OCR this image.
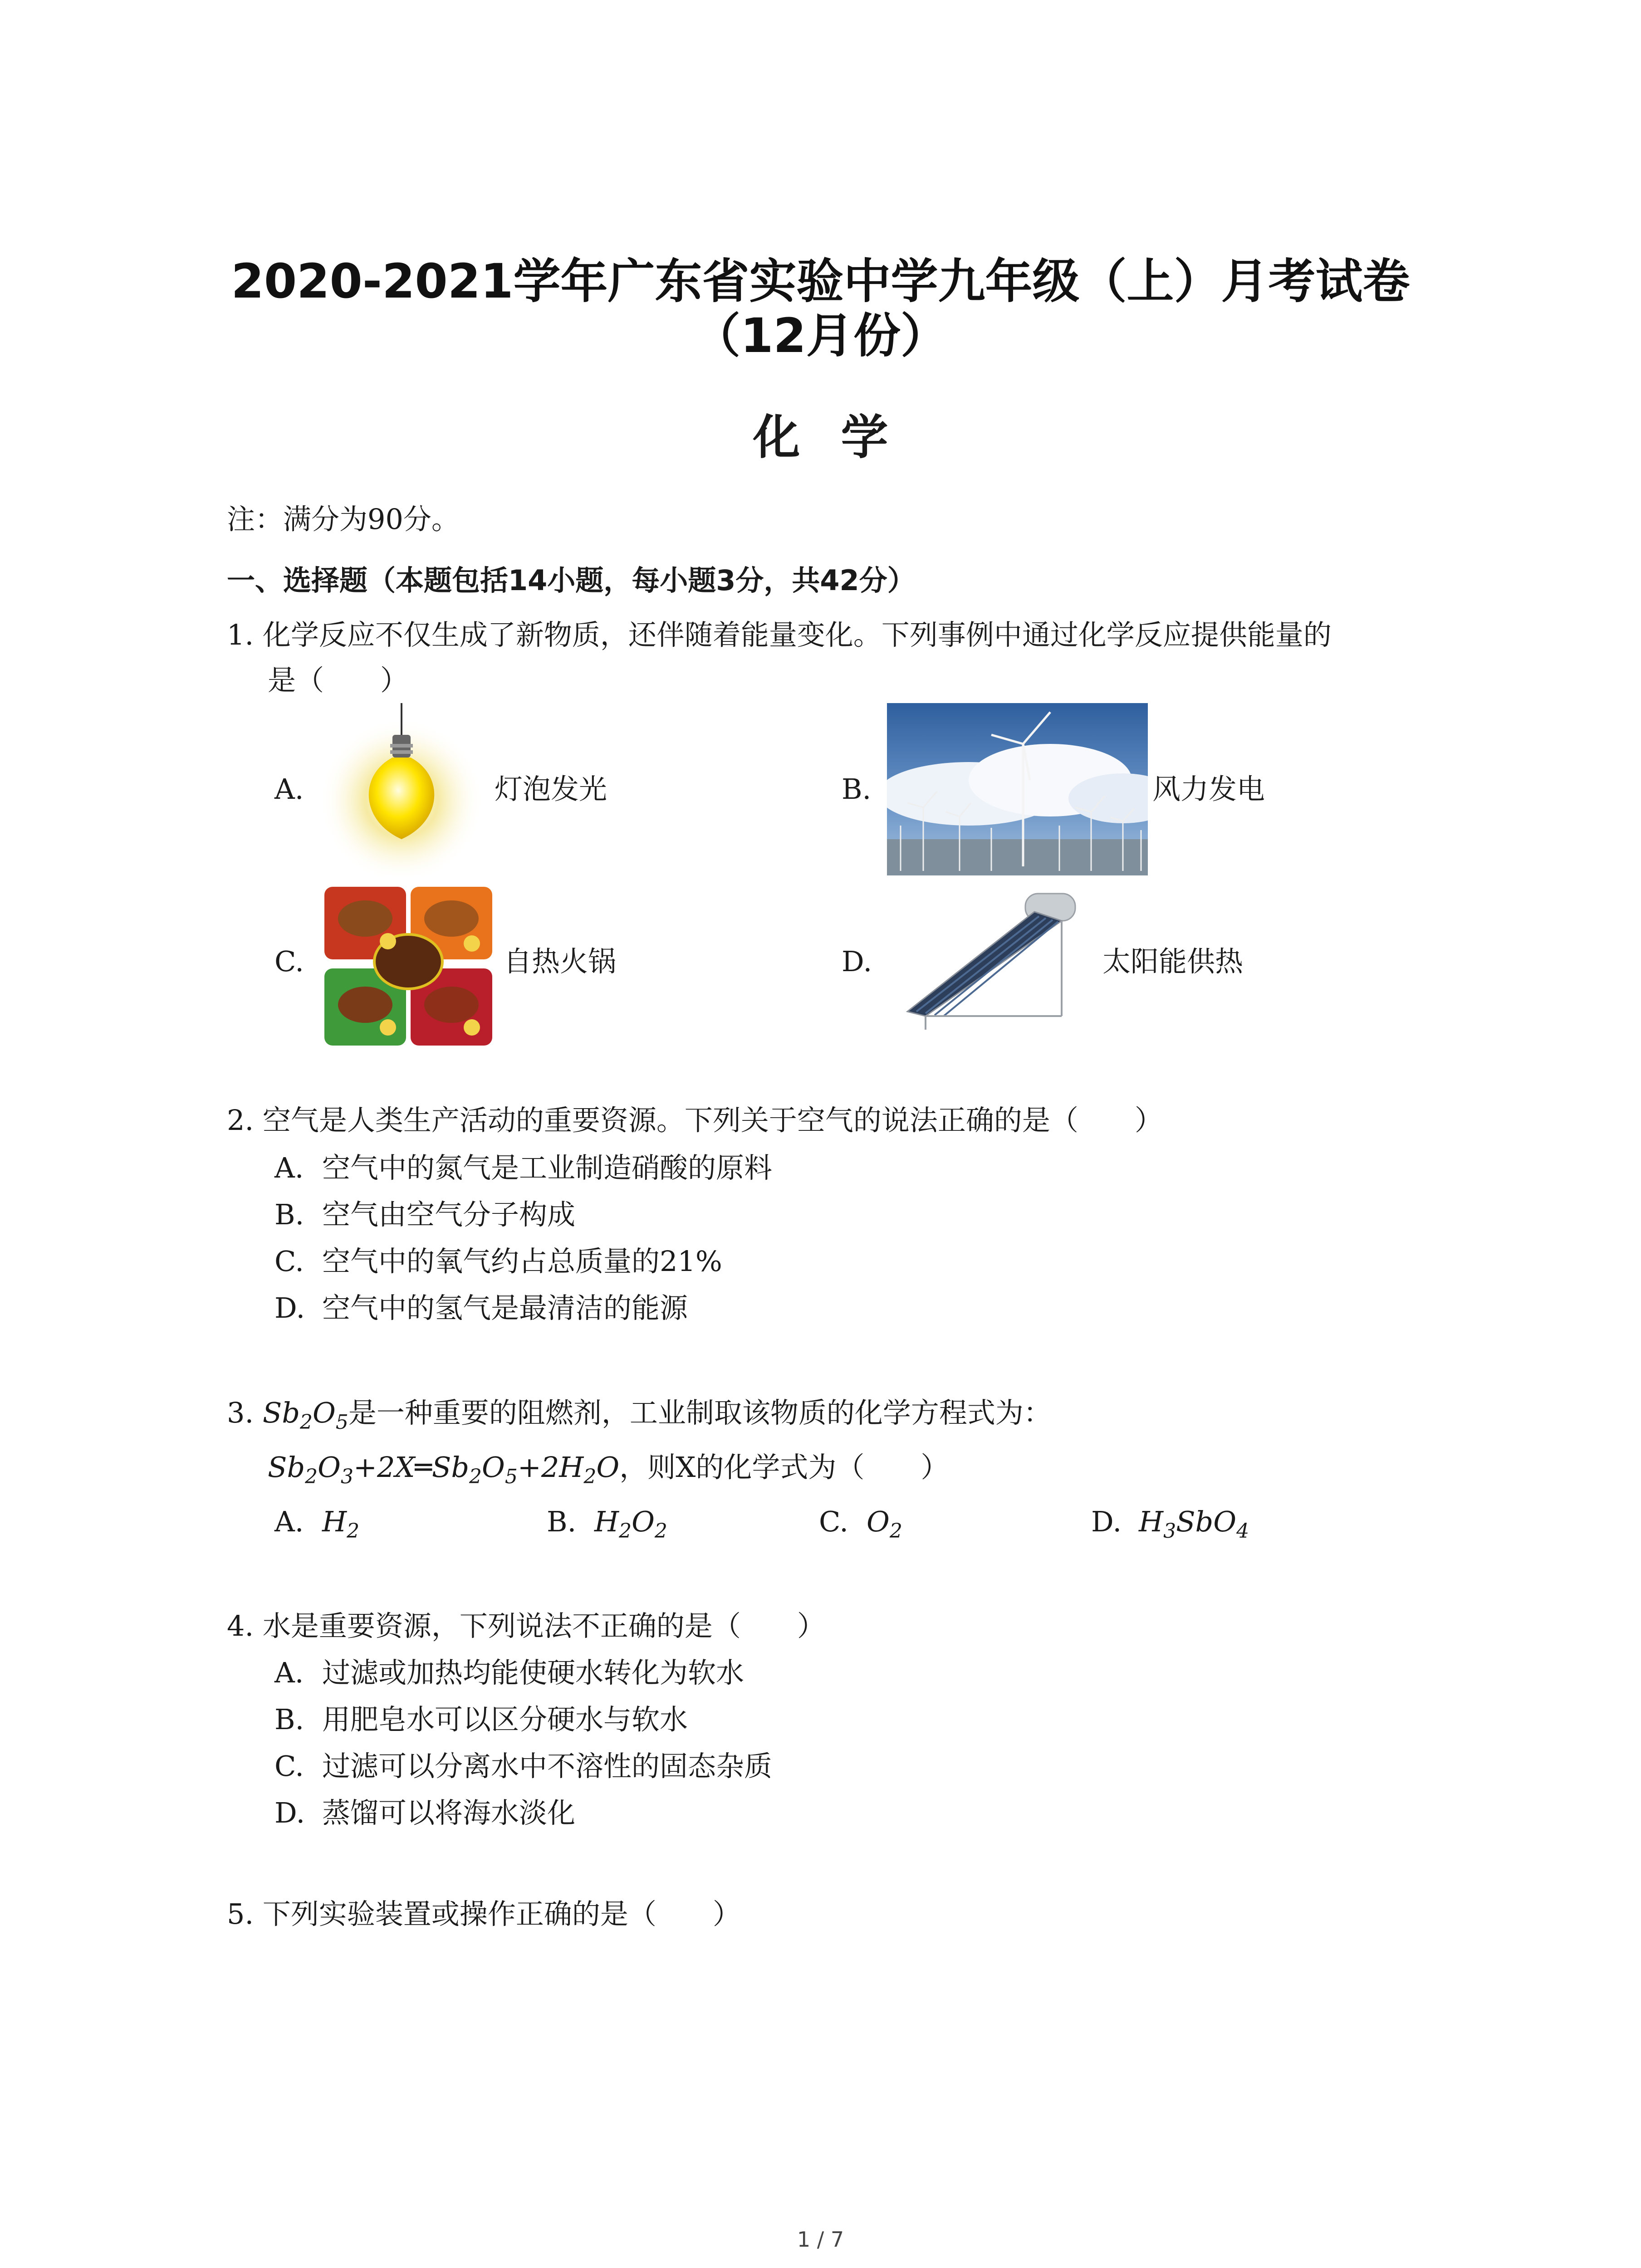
2020-2021学年广东省实验中学九年级（上）月考试卷
（12月份）
化学
注：满分为90分。
一、选择题（本题包括14小题，每小题3分，共42分）
1. 化学反应不仅生成了新物质，还伴随着能量变化。下列事例中通过化学反应提供能量的
是（　　）
A.	灯泡发光	B.	风力发电
C.	自热火锅	D.	太阳能供热
2. 空气是人类生产活动的重要资源。下列关于空气的说法正确的是（　　）
A. 空气中的氮气是工业制造硝酸的原料
B. 空气由空气分子构成
C. 空气中的氧气约占总质量的21%
D. 空气中的氢气是最清洁的能源
3. $Sb_2O_5$是一种重要的阻燃剂，工业制取该物质的化学方程式为：
$Sb_2O_3+2X═Sb_2O_5+2H_2O$，则X的化学式为（　　）
A. $H_2$	B. $H_2O_2$	C. $O_2$	D. $H_3SbO_4$
4. 水是重要资源，下列说法不正确的是（　　）
A. 过滤或加热均能使硬水转化为软水
B. 用肥皂水可以区分硬水与软水
C. 过滤可以分离水中不溶性的固态杂质
D. 蒸馏可以将海水淡化
5. 下列实验装置或操作正确的是（　　）
1 / 7
